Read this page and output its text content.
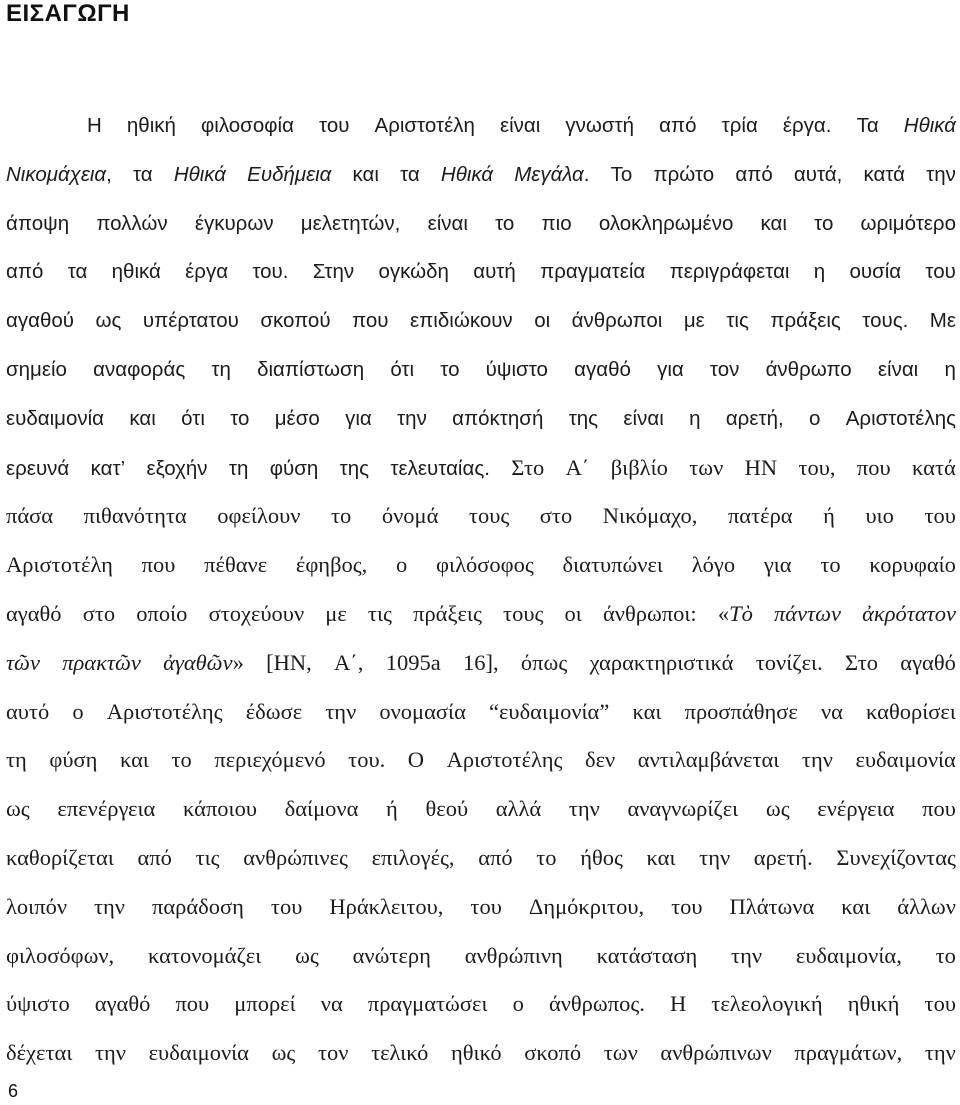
ΕΙΣΑΓΩΓΗ
Η ηθική φιλοσοφία του Αριστοτέλη είναι γνωστή από τρία έργα. Τα Ηθικά
Νικομάχεια, τα Ηθικά Ευδήμεια και τα Ηθικά Μεγάλα. Το πρώτο από αυτά, κατά την
άποψη πολλών έγκυρων μελετητών, είναι το πιο ολοκληρωμένο και το ωριμότερο
από τα ηθικά έργα του. Στην ογκώδη αυτή πραγματεία περιγράφεται η ουσία του
αγαθού ως υπέρτατου σκοπού που επιδιώκουν οι άνθρωποι με τις πράξεις τους. Με
σημείο αναφοράς τη διαπίστωση ότι το ύψιστο αγαθό για τον άνθρωπο είναι η
ευδαιμονία και ότι το μέσο για την απόκτησή της είναι η αρετή, ο Αριστοτέλης
ερευνά κατ’ εξοχήν τη φύση της τελευταίας. Στο Α΄ βιβλίο των ΗΝ του, που κατά
πάσα πιθανότητα οφείλουν το όνομά τους στο Νικόμαχο, πατέρα ή υιο του
Αριστοτέλη που πέθανε έφηβος, ο φιλόσοφος διατυπώνει λόγο για το κορυφαίο
αγαθό στο οποίο στοχεύουν με τις πράξεις τους οι άνθρωποι: «Τὸ πάντων ἀκρότατον
τῶν πρακτῶν ἀγαθῶν» [ΗΝ, Α΄, 1095a 16], όπως χαρακτηριστικά τονίζει. Στο αγαθό
αυτό ο Αριστοτέλης έδωσε την ονομασία “ευδαιμονία” και προσπάθησε να καθορίσει
τη φύση και το περιεχόμενό του. Ο Αριστοτέλης δεν αντιλαμβάνεται την ευδαιμονία
ως επενέργεια κάποιου δαίμονα ή θεού αλλά την αναγνωρίζει ως ενέργεια που
καθορίζεται από τις ανθρώπινες επιλογές, από το ήθος και την αρετή. Συνεχίζοντας
λοιπόν την παράδοση του Ηράκλειτου, του Δημόκριτου, του Πλάτωνα και άλλων
φιλοσόφων, κατονομάζει ως ανώτερη ανθρώπινη κατάσταση την ευδαιμονία, το
ύψιστο αγαθό που μπορεί να πραγματώσει ο άνθρωπος. Η τελεολογική ηθική του
δέχεται την ευδαιμονία ως τον τελικό ηθικό σκοπό των ανθρώπινων πραγμάτων, την
6
